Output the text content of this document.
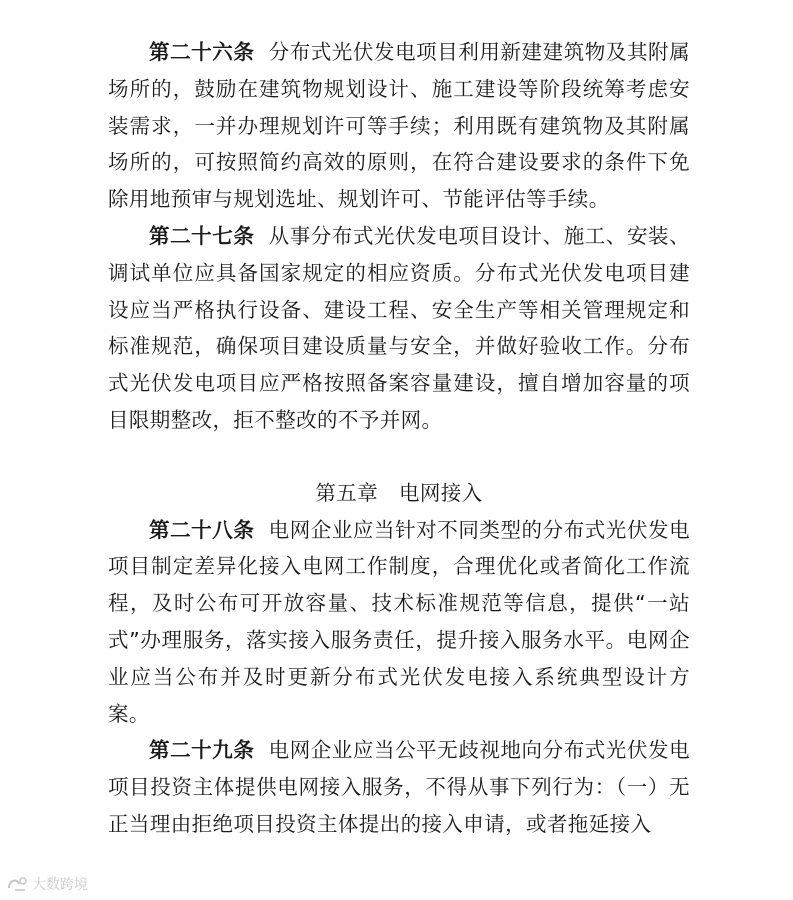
第二十六条 分布式光伏发电项目利用新建建筑物及其附属场所的，鼓励在建筑物规划设计、施工建设等阶段统筹考虑安装需求，一并办理规划许可等手续；利用既有建筑物及其附属场所的，可按照简约高效的原则，在符合建设要求的条件下免除用地预审与规划选址、规划许可、节能评估等手续。

第二十七条 从事分布式光伏发电项目设计、施工、安装、调试单位应具备国家规定的相应资质。分布式光伏发电项目建设应当严格执行设备、建设工程、安全生产等相关管理规定和标准规范，确保项目建设质量与安全，并做好验收工作。分布式光伏发电项目应严格按照备案容量建设，擅自增加容量的项目限期整改，拒不整改的不予并网。

第五章　电网接入

第二十八条 电网企业应当针对不同类型的分布式光伏发电项目制定差异化接入电网工作制度，合理优化或者简化工作流程，及时公布可开放容量、技术标准规范等信息，提供“一站式”办理服务，落实接入服务责任，提升接入服务水平。电网企业应当公布并及时更新分布式光伏发电接入系统典型设计方案。

第二十九条 电网企业应当公平无歧视地向分布式光伏发电项目投资主体提供电网接入服务，不得从事下列行为：（一）无正当理由拒绝项目投资主体提出的接入申请，或者拖延接入

大数跨境
